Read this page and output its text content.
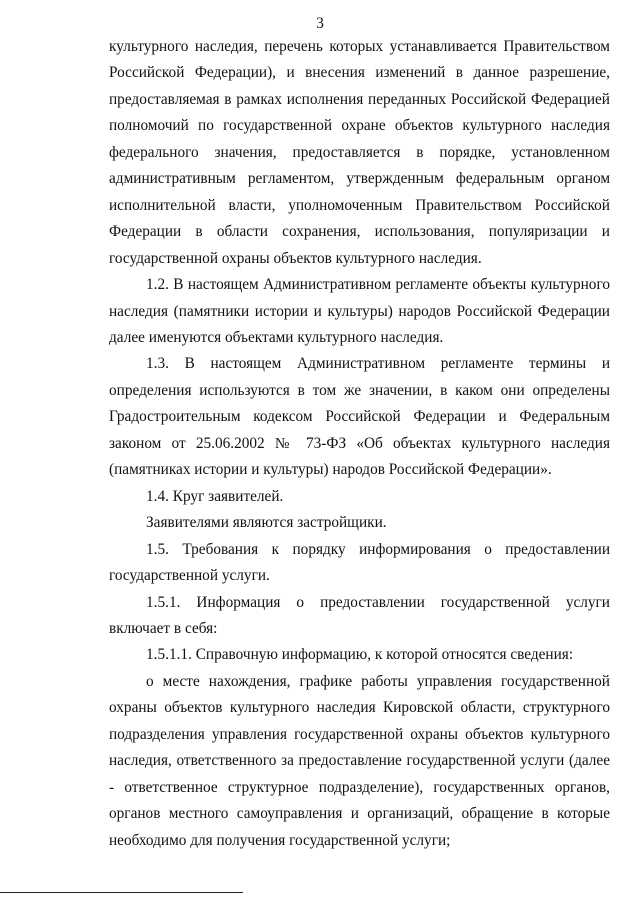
3

культурного наследия, перечень которых устанавливается Правительством Российской Федерации), и внесения изменений в данное разрешение, предоставляемая в рамках исполнения переданных Российской Федерацией полномочий по государственной охране объектов культурного наследия федерального значения, предоставляется в порядке, установленном административным регламентом, утвержденным федеральным органом исполнительной власти, уполномоченным Правительством Российской Федерации в области сохранения, использования, популяризации и государственной охраны объектов культурного наследия.

1.2. В настоящем Административном регламенте объекты культурного наследия (памятники истории и культуры) народов Российской Федерации далее именуются объектами культурного наследия.

1.3. В настоящем Административном регламенте термины и определения используются в том же значении, в каком они определены Градостроительным кодексом Российской Федерации и Федеральным законом от 25.06.2002 № 73-ФЗ «Об объектах культурного наследия (памятниках истории и культуры) народов Российской Федерации».

1.4. Круг заявителей.

Заявителями являются застройщики.

1.5. Требования к порядку информирования о предоставлении государственной услуги.

1.5.1. Информация о предоставлении государственной услуги включает в себя:

1.5.1.1. Справочную информацию, к которой относятся сведения:

о месте нахождения, графике работы управления государственной охраны объектов культурного наследия Кировской области, структурного подразделения управления государственной охраны объектов культурного наследия, ответственного за предоставление государственной услуги (далее - ответственное структурное подразделение), государственных органов, органов местного самоуправления и организаций, обращение в которые необходимо для получения государственной услуги;
